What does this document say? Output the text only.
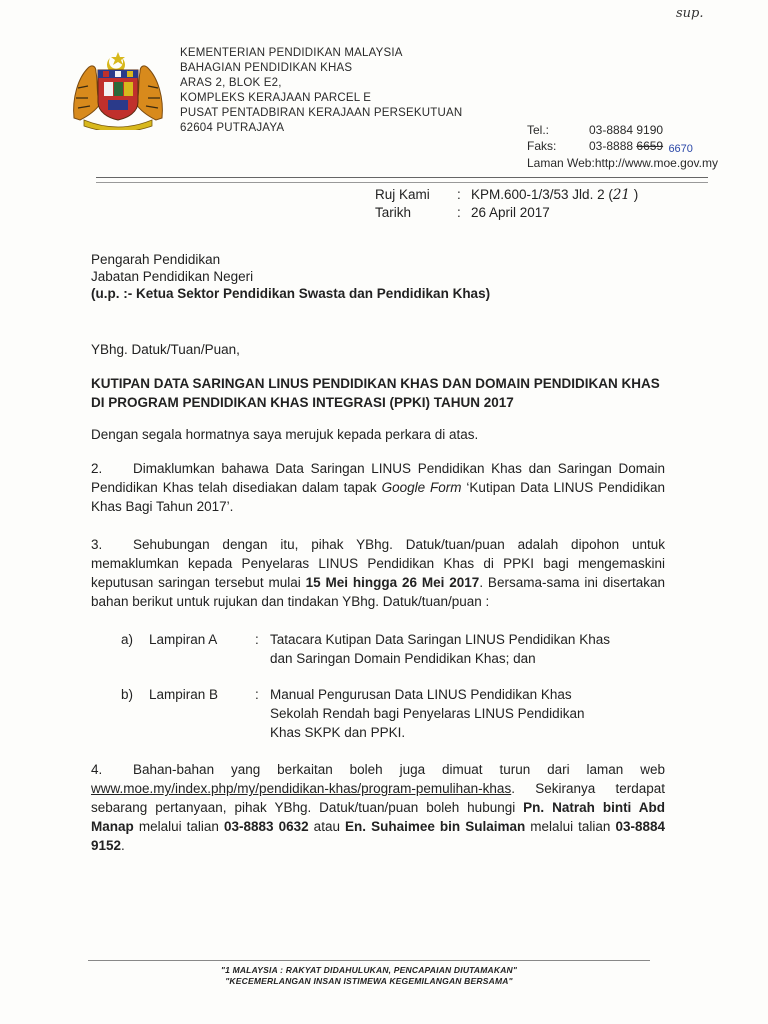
sup.
KEMENTERIAN PENDIDIKAN MALAYSIA
BAHAGIAN PENDIDIKAN KHAS
ARAS 2, BLOK E2,
KOMPLEKS KERAJAAN PARCEL E
PUSAT PENTADBIRAN KERAJAAN PERSEKUTUAN
62604 PUTRAJAYA	Tel.:	03-8884 9190
Faks:	03-8888 6659 6670
Laman Web :http://www.moe.gov.my
Ruj Kami	: KPM.600-1/3/53 Jld. 2 (21 )
Tarikh	: 26 April 2017
Pengarah Pendidikan
Jabatan Pendidikan Negeri
(u.p. :- Ketua Sektor Pendidikan Swasta dan Pendidikan Khas)
YBhg. Datuk/Tuan/Puan,
KUTIPAN DATA SARINGAN LINUS PENDIDIKAN KHAS DAN DOMAIN PENDIDIKAN KHAS DI PROGRAM PENDIDIKAN KHAS INTEGRASI (PPKI) TAHUN 2017
Dengan segala hormatnya saya merujuk kepada perkara di atas.
2. Dimaklumkan bahawa Data Saringan LINUS Pendidikan Khas dan Saringan Domain Pendidikan Khas telah disediakan dalam tapak Google Form ‘Kutipan Data LINUS Pendidikan Khas Bagi Tahun 2017’.
3. Sehubungan dengan itu, pihak YBhg. Datuk/tuan/puan adalah dipohon untuk memaklumkan kepada Penyelaras LINUS Pendidikan Khas di PPKI bagi mengemaskini keputusan saringan tersebut mulai 15 Mei hingga 26 Mei 2017. Bersama-sama ini disertakan bahan berikut untuk rujukan dan tindakan YBhg. Datuk/tuan/puan :
a) Lampiran A	: Tatacara Kutipan Data Saringan LINUS Pendidikan Khas dan Saringan Domain Pendidikan Khas; dan
b) Lampiran B	: Manual Pengurusan Data LINUS Pendidikan Khas Sekolah Rendah bagi Penyelaras LINUS Pendidikan Khas SKPK dan PPKI.
4. Bahan-bahan yang berkaitan boleh juga dimuat turun dari laman web www.moe.my/index.php/my/pendidikan-khas/program-pemulihan-khas. Sekiranya terdapat sebarang pertanyaan, pihak YBhg. Datuk/tuan/puan boleh hubungi Pn. Natrah binti Abd Manap melalui talian 03-8883 0632 atau En. Suhaimee bin Sulaiman melalui talian 03-8884 9152.
"1 MALAYSIA : RAKYAT DIDAHULUKAN, PENCAPAIAN DIUTAMAKAN"
"KECEMERLANGAN INSAN ISTIMEWA KEGEMILANGAN BERSAMA"
